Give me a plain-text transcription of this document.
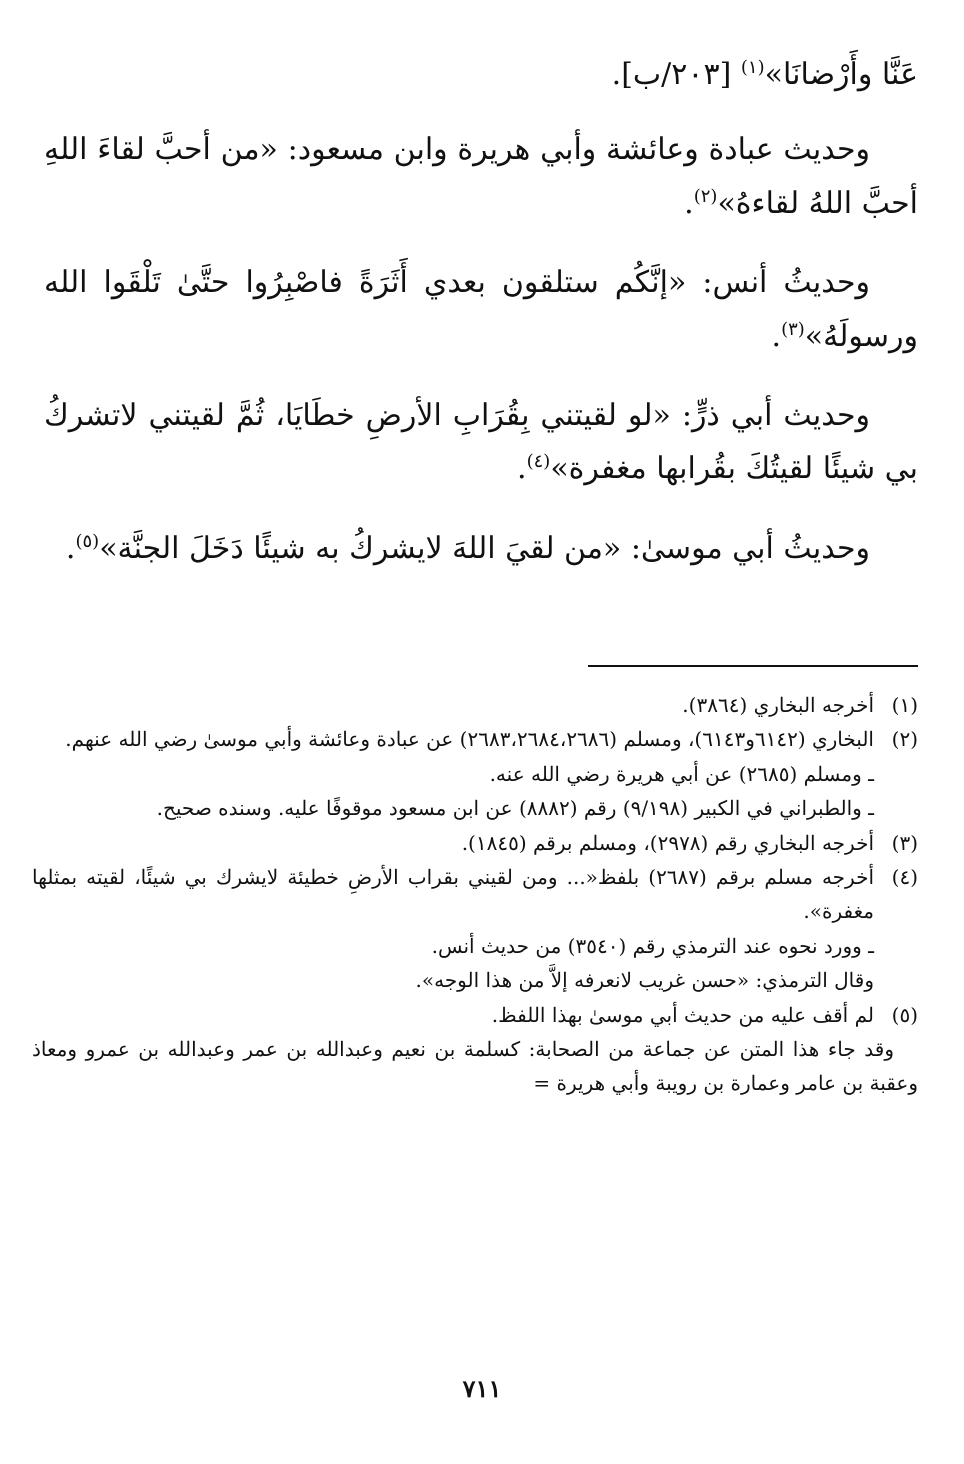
عَنَّا وأَرْضانَا»$^{(١)}$ [٢٠٣/ب].

وحديث عبادة وعائشة وأبي هريرة وابن مسعود: «من أحبَّ لقاءَ اللهِ أحبَّ اللهُ لقاءهُ»$^{(٢)}$.

وحديثُ أنس: «إنَّكُم ستلقون بعدي أَثَرَةً فاصْبِرُوا حتَّىٰ تَلْقَوا الله ورسولَهُ»$^{(٣)}$.

وحديث أبي ذرٍّ: «لو لقيتني بِقُرَابِ الأرضِ خطَايَا، ثُمَّ لقيتني لاتشركُ بي شيئًا لقيتُكَ بقُرابها مغفرة»$^{(٤)}$.

وحديثُ أبي موسىٰ: «من لقيَ اللهَ لايشركُ به شيئًا دَخَلَ الجنَّة»$^{(٥)}$.

(١)

أخرجه البخاري (٣٨٦٤).

(٢)

البخاري (٦١٤٢و٦١٤٣)، ومسلم (٢٦٨٣،٢٦٨٤،٢٦٨٦) عن عبادة وعائشة وأبي موسىٰ رضي الله عنهم.

ـ ومسلم (٢٦٨٥) عن أبي هريرة رضي الله عنه.

ـ والطبراني في الكبير (٩/١٩٨) رقم (٨٨٨٢) عن ابن مسعود موقوفًا عليه. وسنده صحيح.

(٣)

أخرجه البخاري رقم (٢٩٧٨)، ومسلم برقم (١٨٤٥).

(٤)

أخرجه مسلم برقم (٢٦٨٧) بلفظ«... ومن لقيني بقراب الأرضِ خطيئة لايشرك بي شيئًا، لقيته بمثلها مغفرة».

ـ وورد نحوه عند الترمذي رقم (٣٥٤٠) من حديث أنس.

وقال الترمذي: «حسن غريب لانعرفه إلاَّ من هذا الوجه».

(٥)

لم أقف عليه من حديث أبي موسىٰ بهذا اللفظ.

وقد جاء هذا المتن عن جماعة من الصحابة: كسلمة بن نعيم وعبدالله بن عمر وعبدالله بن عمرو ومعاذ وعقبة بن عامر وعمارة بن رويبة وأبي هريرة =

٧١١
